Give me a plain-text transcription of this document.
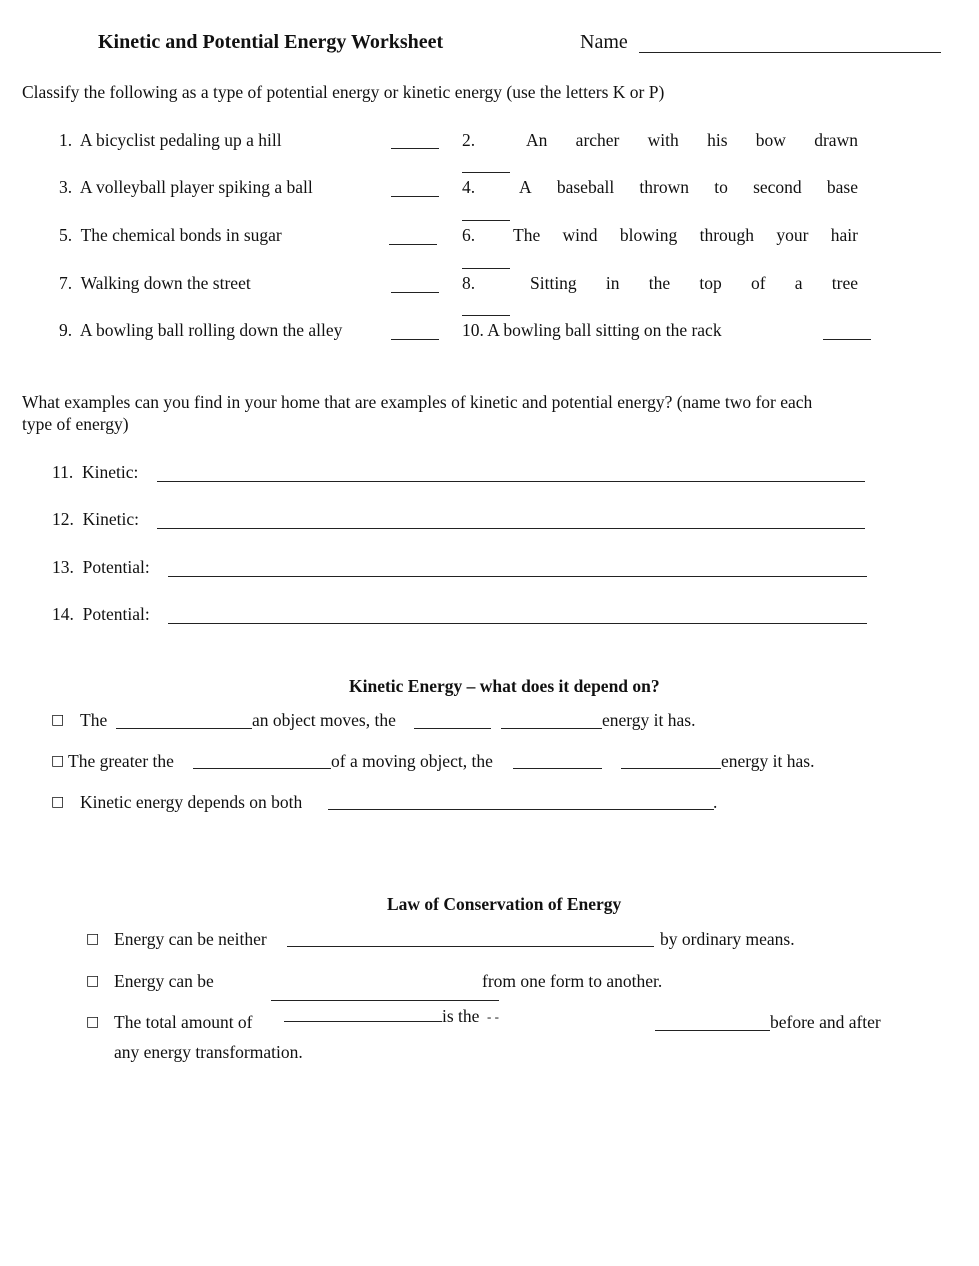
Kinetic and Potential Energy Worksheet	Name
Classify the following as a type of potential energy or kinetic energy (use the letters K or P)
1. A bicyclist pedaling up a hill	2.	An archer with his bow drawn
3. A volleyball player spiking a ball	4.	A baseball thrown to second base
5. The chemical bonds in sugar	6. The wind blowing through your hair
7. Walking down the street	8.	Sitting in the top of a tree
9. A bowling ball rolling down the alley	10. A bowling ball sitting on the rack
What examples can you find in your home that are examples of kinetic and potential energy? (name two for each
type of energy)
11. Kinetic:
12. Kinetic:
13. Potential:
14. Potential:
Kinetic Energy – what does it depend on?
□ The	an object moves, the	energy it has.
□ The greater the	of a moving object, the	energy it has.
□ Kinetic energy depends on both	.
Law of Conservation of Energy
□ Energy can be neither	by ordinary means.
□ Energy can be	from one form to another.
□ The total amount of	is the - -	before and after
any energy transformation.
